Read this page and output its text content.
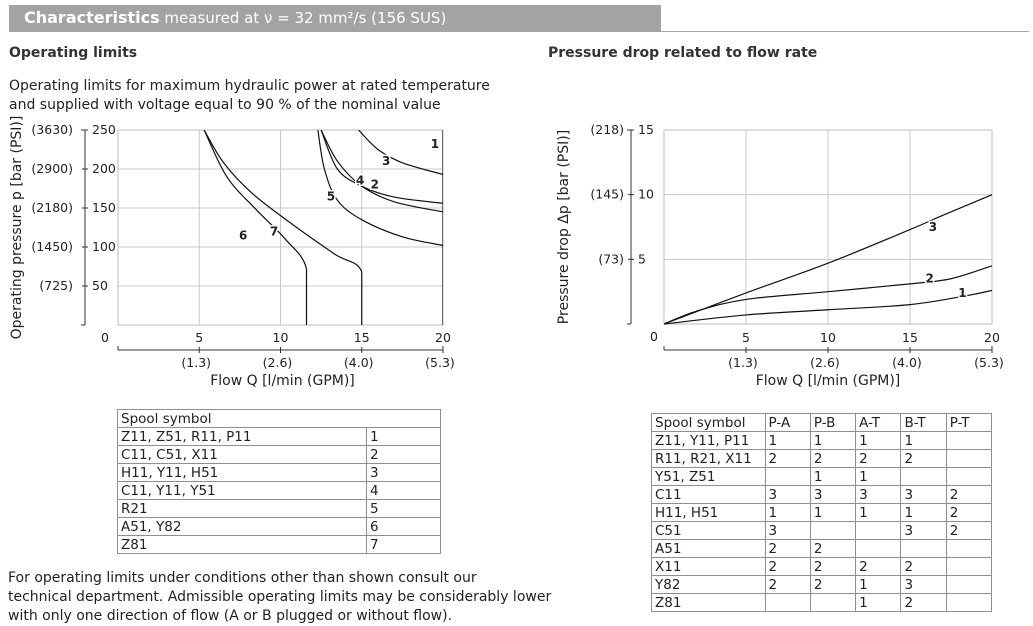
Characteristics measured at ν = 32 mm²/s (156 SUS)
Operating limits
Operating limits for maximum hydraulic power at rated temperature
and supplied with voltage equal to 90 % of the nominal value
Pressure drop related to flow rate
50
(725)
100
(1450)
150
(2180)
200
(2900)
250
(3630)
0	5
(1.3)
10
(2.6)
15
(4.0)
20
(5.3)
Flow Q [l/min (GPM)]
Operating pressure p [bar (PSI)]	1
2
3
4
5
6 7
5
(73)
10
(145)
15
(218)
0	5
(1.3)
10
(2.6)
15
(4.0)
20
(5.3)
Flow Q [l/min (GPM)]
Pressure drop Δp [bar (PSI)]	1
2
3
Spool symbol	
Z11, Z51, R11, P11	1
C11, C51, X11	2
H11, Y11, H51	3
C11, Y11, Y51	4
R21	5
A51, Y82	6
Z81	7
For operating limits under conditions other than shown consult our
technical department. Admissible operating limits may be considerably lower
with only one direction of flow (A or B plugged or without flow).
Spool symbol	P-A	P-B	A-T	B-T	P-T
Z11, Y11, P11	1	1	1	1	
R11, R21, X11	2	2	2	2	
Y51, Z51		1	1		
C11	3	3	3	3	2
H11, H51	1	1	1	1	2
C51	3			3	2
A51	2	2			
X11	2	2	2	2	
Y82	2	2	1	3	
Z81			1	2	
